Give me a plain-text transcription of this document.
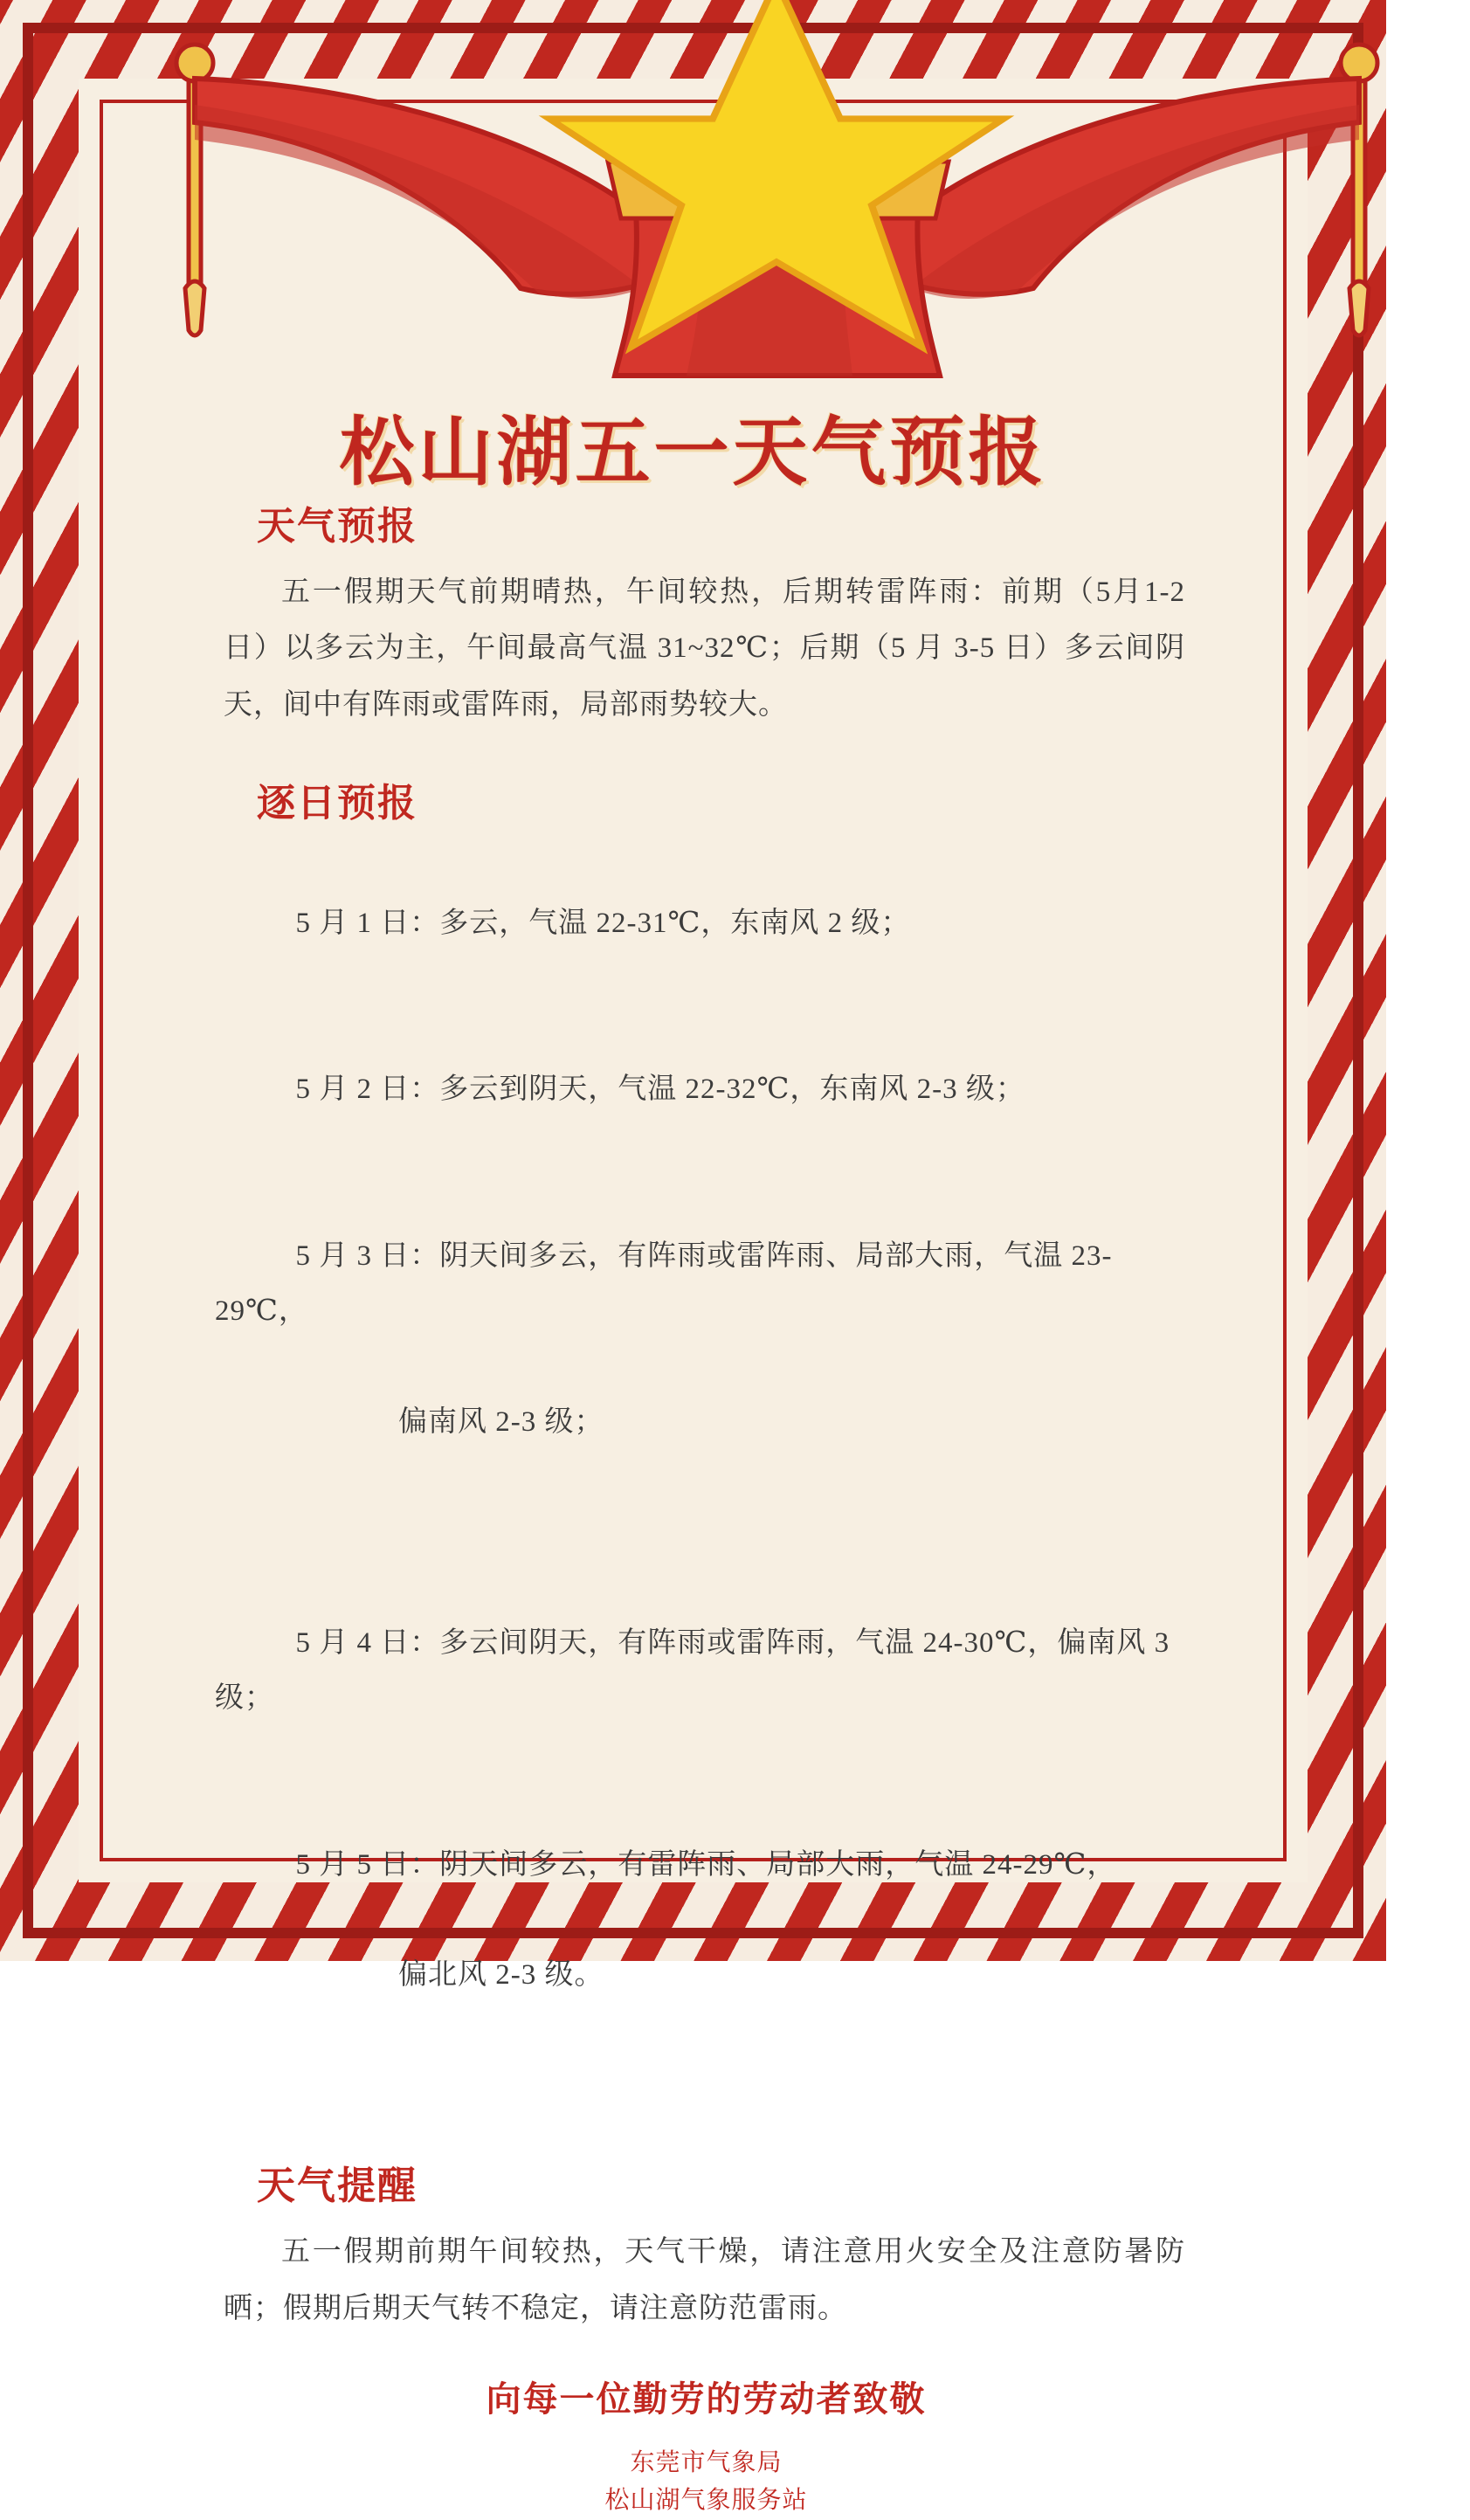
松山湖五一天气预报
天气预报

五一假期天气前期晴热，午间较热，后期转雷阵雨：前期（5月1-2 日）以多云为主，午间最高气温 31~32℃；后期（5 月 3-5 日）多云间阴天，间中有阵雨或雷阵雨，局部雨势较大。

逐日预报

5 月 1 日：多云，气温 22-31℃，东南风 2 级；

5 月 2 日：多云到阴天，气温 22-32℃，东南风 2-3 级；

5 月 3 日：阴天间多云，有阵雨或雷阵雨、局部大雨，气温 23-29℃，

偏南风 2-3 级；

5 月 4 日：多云间阴天，有阵雨或雷阵雨，气温 24-30℃，偏南风 3 级；

5 月 5 日：阴天间多云，有雷阵雨、局部大雨，气温 24-29℃，

偏北风 2-3 级。

天气提醒

五一假期前期午间较热，天气干燥，请注意用火安全及注意防暑防晒；假期后期天气转不稳定，请注意防范雷雨。

向每一位勤劳的劳动者致敬
东莞市气象局
松山湖气象服务站
